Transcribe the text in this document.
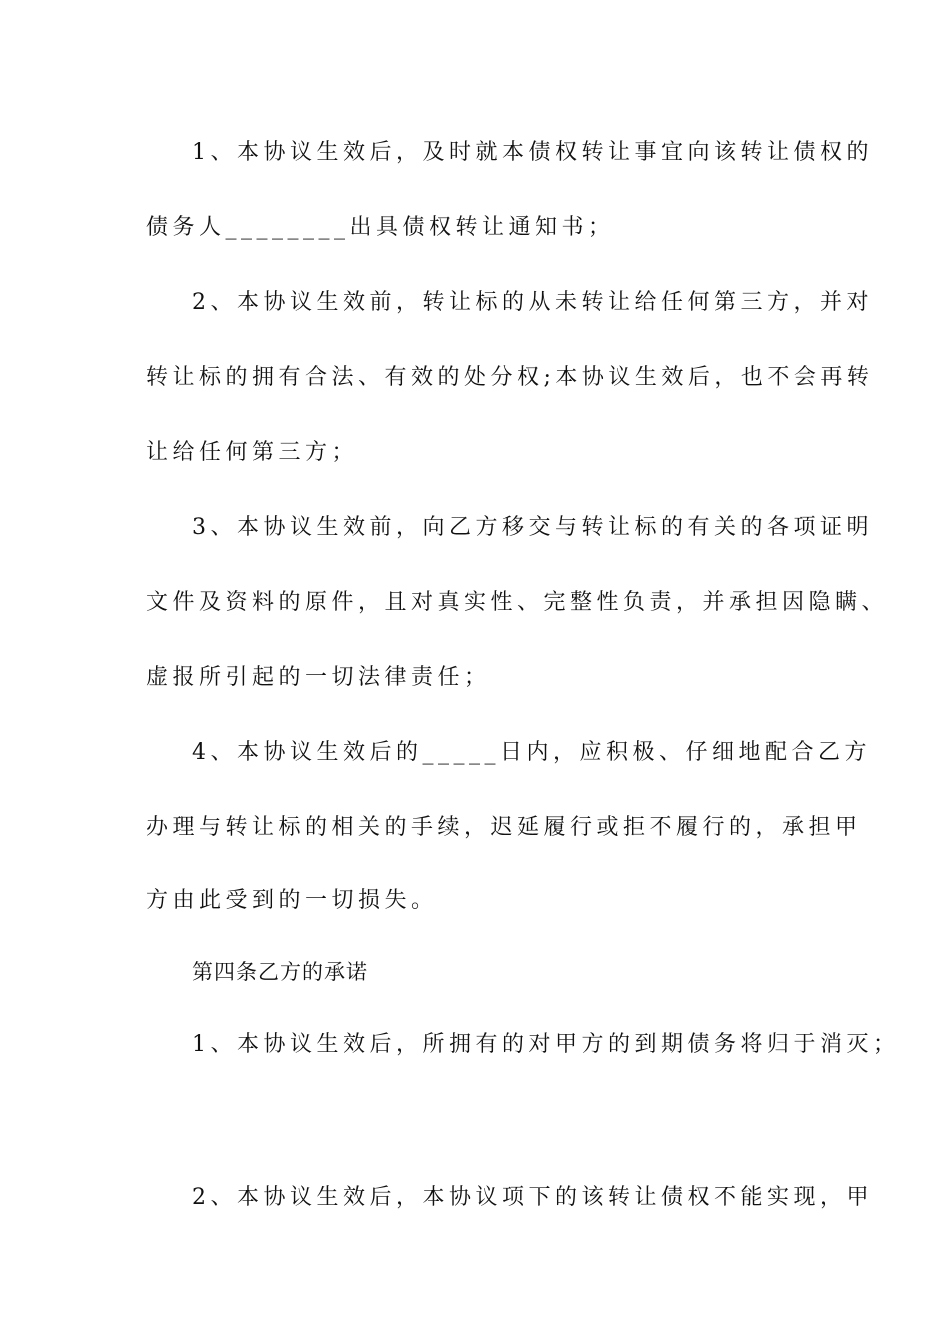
1、本协议生效后，及时就本债权转让事宜向该转让债权的
债务人________出具债权转让通知书；
2、本协议生效前，转让标的从未转让给任何第三方，并对
转让标的拥有合法、有效的处分权;本协议生效后，也不会再转
让给任何第三方；
3、本协议生效前，向乙方移交与转让标的有关的各项证明
文件及资料的原件，且对真实性、完整性负责，并承担因隐瞒、
虚报所引起的一切法律责任；
4、本协议生效后的_____日内，应积极、仔细地配合乙方
办理与转让标的相关的手续，迟延履行或拒不履行的，承担甲
方由此受到的一切损失。
第四条乙方的承诺
1、本协议生效后，所拥有的对甲方的到期债务将归于消灭；
2、本协议生效后，本协议项下的该转让债权不能实现，甲
